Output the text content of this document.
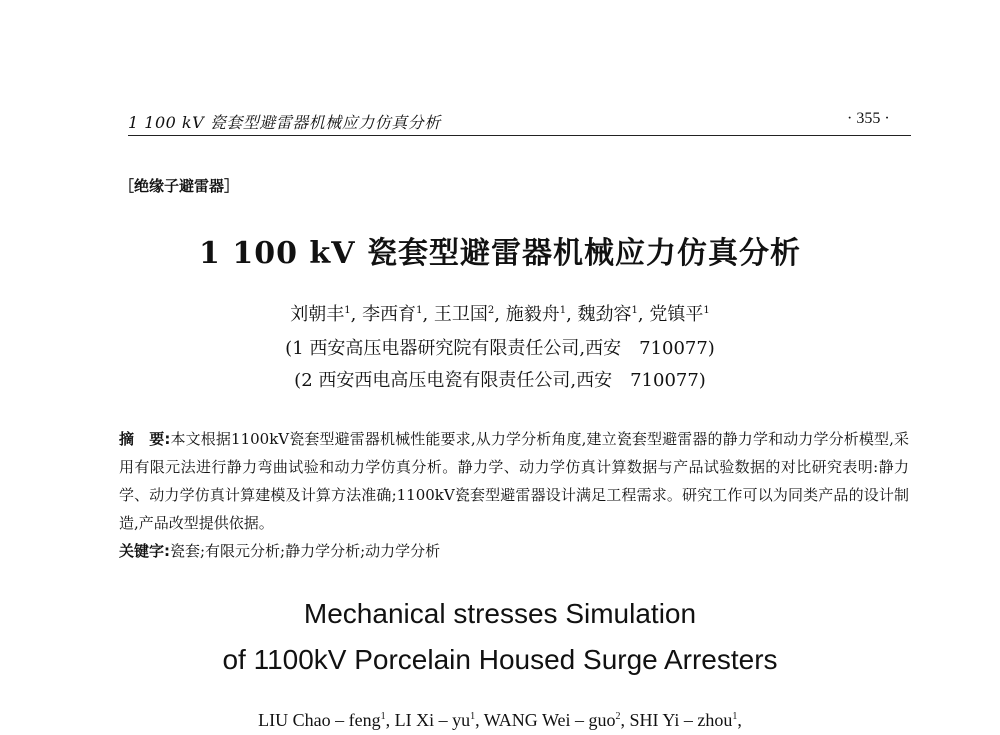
1 100 kV 瓷套型避雷器机械应力仿真分析	· 355 ·
［绝缘子避雷器］
1 100 kV 瓷套型避雷器机械应力仿真分析
刘朝丰$^1$, 李西育$^1$, 王卫国$^2$, 施毅舟$^1$, 魏劲容$^1$, 党镇平$^1$
(1 西安高压电器研究院有限责任公司,西安　710077)
(2 西安西电高压电瓷有限责任公司,西安　710077)
摘　要:本文根据1100kV瓷套型避雷器机械性能要求,从力学分析角度,建立瓷套型避雷器的静力学和动力学分析模型,采用有限元法进行静力弯曲试验和动力学仿真分析。静力学、动力学仿真计算数据与产品试验数据的对比研究表明:静力学、动力学仿真计算建模及计算方法准确;1100kV瓷套型避雷器设计满足工程需求。研究工作可以为同类产品的设计制造,产品改型提供依据。
关键字:瓷套;有限元分析;静力学分析;动力学分析
Mechanical stresses Simulation
of 1100kV Porcelain Housed Surge Arresters
LIU Chao – feng$^1$, LI Xi – $yu^1$, WANG Wei – guo$^2$, SHI Yi – zhou$^1$,
